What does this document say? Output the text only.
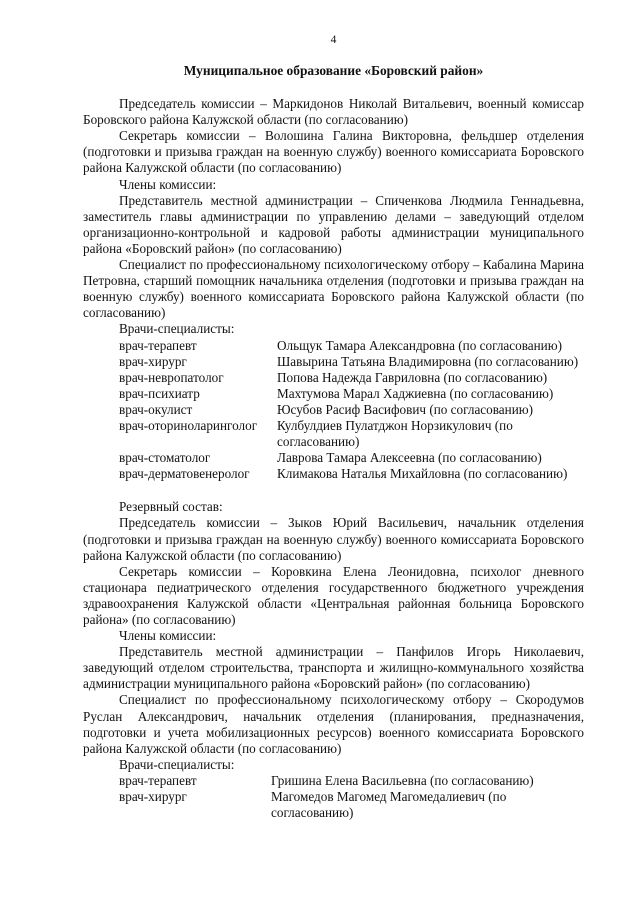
4
Муниципальное образование «Боровский район»

Председатель комиссии – Маркидонов Николай Витальевич, военный комиссар Боровского района Калужской области (по согласованию)

Секретарь комиссии – Волошина Галина Викторовна, фельдшер отделения (подготовки и призыва граждан на военную службу) военного комиссариата Боровского района Калужской области (по согласованию)

Члены комиссии:

Представитель местной администрации – Спиченкова Людмила Геннадьевна, заместитель главы администрации по управлению делами – заведующий отделом организационно-контрольной и кадровой работы администрации муниципального района «Боровский район» (по согласованию)

Специалист по профессиональному психологическому отбору – Кабалина Марина Петровна, старший помощник начальника отделения (подготовки и призыва граждан на военную службу) военного комиссариата Боровского района Калужской области (по согласованию)

Врачи-специалисты:

врач-терапевт	Ольщук Тамара Александровна (по согласованию)
врач-хирург	Шавырина Татьяна Владимировна (по согласованию)
врач-невропатолог	Попова Надежда Гавриловна (по согласованию)
врач-психиатр	Махтумова Марал Хаджиевна (по согласованию)
врач-окулист	Юсубов Расиф Васифович (по согласованию)
врач-оториноларинголог	Кулбулдиев Пулатджон Норзикулович (по согласованию)
врач-стоматолог	Лаврова Тамара Алексеевна (по согласованию)
врач-дерматовенеролог	Климакова Наталья Михайловна (по согласованию)

Резервный состав:

Председатель комиссии – Зыков Юрий Васильевич, начальник отделения (подготовки и призыва граждан на военную службу) военного комиссариата Боровского района Калужской области (по согласованию)

Секретарь комиссии – Коровкина Елена Леонидовна, психолог дневного стационара педиатрического отделения государственного бюджетного учреждения здравоохранения Калужской области «Центральная районная больница Боровского района» (по согласованию)

Члены комиссии:

Представитель местной администрации – Панфилов Игорь Николаевич, заведующий отделом строительства, транспорта и жилищно-коммунального хозяйства администрации муниципального района «Боровский район» (по согласованию)

Специалист по профессиональному психологическому отбору – Скородумов Руслан Александрович, начальник отделения (планирования, предназначения, подготовки и учета мобилизационных ресурсов) военного комиссариата Боровского района Калужской области (по согласованию)

Врачи-специалисты:

врач-терапевт	Гришина Елена Васильевна (по согласованию)
врач-хирург	Магомедов Магомед Магомедалиевич (по согласованию)
